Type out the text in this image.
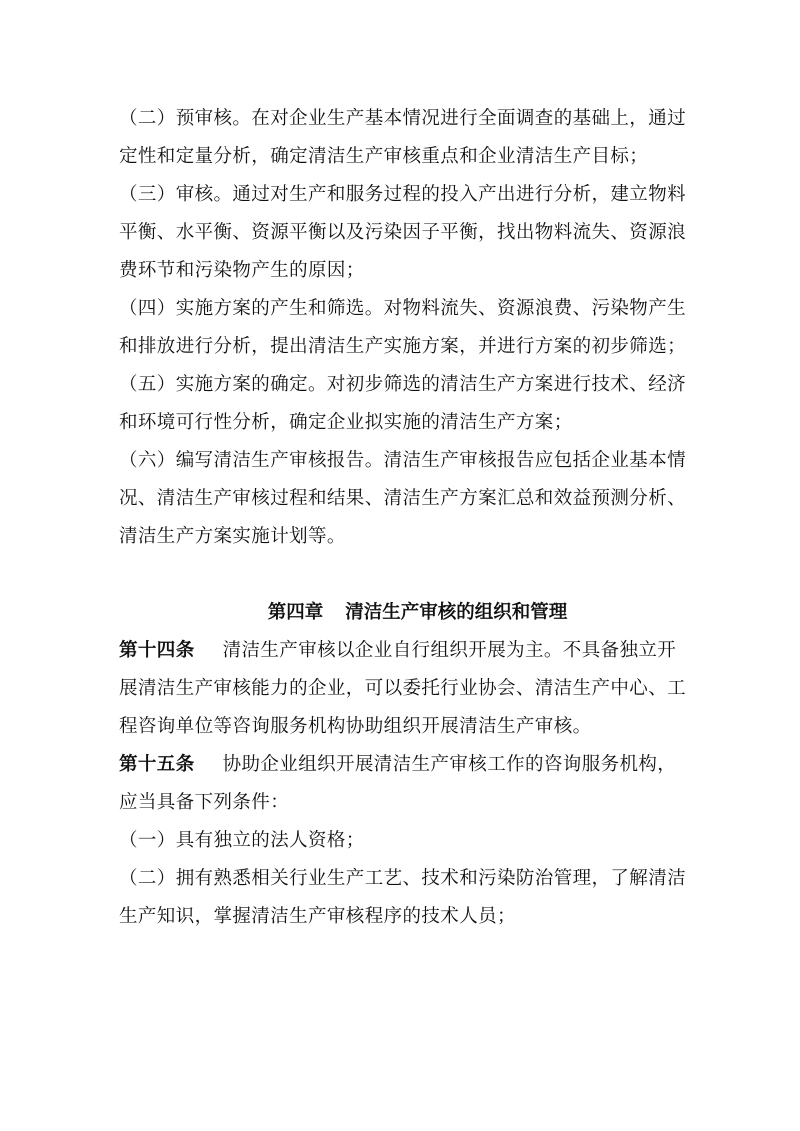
（二）预审核。在对企业生产基本情况进行全面调查的基础上，通过
定性和定量分析，确定清洁生产审核重点和企业清洁生产目标；
（三）审核。通过对生产和服务过程的投入产出进行分析，建立物料
平衡、水平衡、资源平衡以及污染因子平衡，找出物料流失、资源浪
费环节和污染物产生的原因；
（四）实施方案的产生和筛选。对物料流失、资源浪费、污染物产生
和排放进行分析，提出清洁生产实施方案，并进行方案的初步筛选；
（五）实施方案的确定。对初步筛选的清洁生产方案进行技术、经济
和环境可行性分析，确定企业拟实施的清洁生产方案；
（六）编写清洁生产审核报告。清洁生产审核报告应包括企业基本情
况、清洁生产审核过程和结果、清洁生产方案汇总和效益预测分析、
清洁生产方案实施计划等。
第四章 清洁生产审核的组织和管理
第十四条 清洁生产审核以企业自行组织开展为主。不具备独立开
展清洁生产审核能力的企业，可以委托行业协会、清洁生产中心、工
程咨询单位等咨询服务机构协助组织开展清洁生产审核。
第十五条 协助企业组织开展清洁生产审核工作的咨询服务机构，
应当具备下列条件：
（一）具有独立的法人资格；
（二）拥有熟悉相关行业生产工艺、技术和污染防治管理，了解清洁
生产知识，掌握清洁生产审核程序的技术人员；
